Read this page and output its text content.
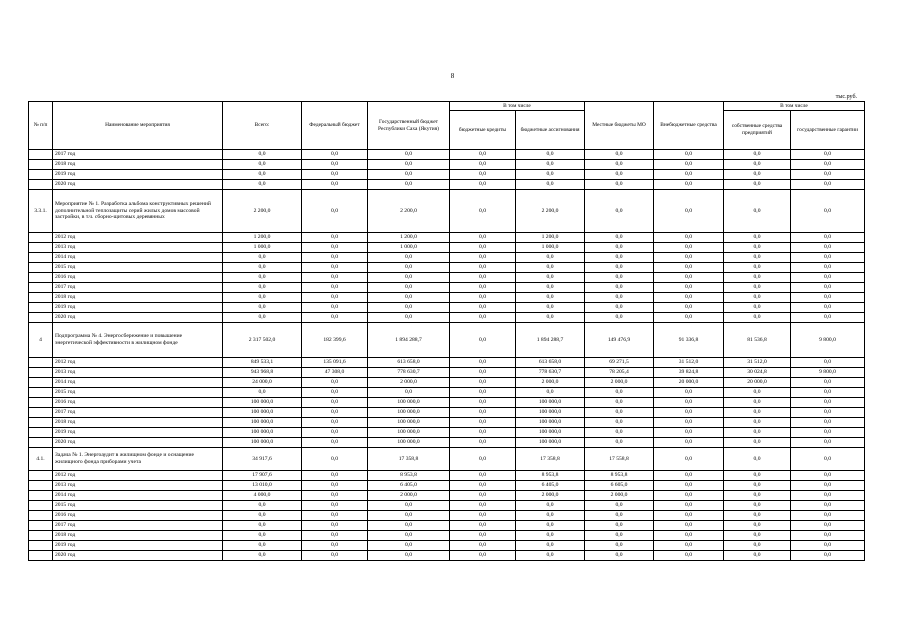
8
тыс.руб.
№ п/п	Наименование мероприятия	Всего:	Федеральный бюджет	Государственный бюджет Республики Саха (Якутия)	В том числе		Местные бюджеты МО	Внебюджетные средства	В том числе	
					бюджетные кредиты	бюджетные ассигнования			собственные средства предприятий	государственные гарантии
	2017 год	0,0	0,0	0,0	0,0	0,0	0,0	0,0	0,0	0,0
	2018 год	0,0	0,0	0,0	0,0	0,0	0,0	0,0	0,0	0,0
	2019 год	0,0	0,0	0,0	0,0	0,0	0,0	0,0	0,0	0,0
	2020 год	0,0	0,0	0,0	0,0	0,0	0,0	0,0	0,0	0,0
3.3.1.	Мероприятие № 1. Разработка альбома конструктивных решений дополнительной теплозащиты серий жилых домов массовой застройки, в т.ч. сборно-щитовых деревянных	2 200,0	0,0	2 200,0	0,0	2 200,0	0,0	0,0	0,0	0,0
	2012 год	1 200,0	0,0	1 200,0	0,0	1 200,0	0,0	0,0	0,0	0,0
	2013 год	1 000,0	0,0	1 000,0	0,0	1 000,0	0,0	0,0	0,0	0,0
	2014 год	0,0	0,0	0,0	0,0	0,0	0,0	0,0	0,0	0,0
	2015 год	0,0	0,0	0,0	0,0	0,0	0,0	0,0	0,0	0,0
	2016 год	0,0	0,0	0,0	0,0	0,0	0,0	0,0	0,0	0,0
	2017 год	0,0	0,0	0,0	0,0	0,0	0,0	0,0	0,0	0,0
	2018 год	0,0	0,0	0,0	0,0	0,0	0,0	0,0	0,0	0,0
	2019 год	0,0	0,0	0,0	0,0	0,0	0,0	0,0	0,0	0,0
	2020 год	0,0	0,0	0,0	0,0	0,0	0,0	0,0	0,0	0,0
4	Подпрограмма № 4. Энергосбережение и повышение энергетической эффективности в жилищном фонде	2 317 502,0	182 399,6	1 894 288,7	0,0	1 894 288,7	149 476,9	91 336,8	81 536,8	9 800,0
	2012 год	849 533,1	135 091,6	613 658,0	0,0	613 658,0	69 271,5	31 512,0	31 512,0	0,0
	2013 год	943 968,8	47 308,0	778 630,7	0,0	778 630,7	78 205,4	39 824,8	30 024,8	9 800,0
	2014 год	24 000,0	0,0	2 000,0	0,0	2 000,0	2 000,0	20 000,0	20 000,0	0,0
	2015 год	0,0	0,0	0,0	0,0	0,0	0,0	0,0	0,0	0,0
	2016 год	100 000,0	0,0	100 000,0	0,0	100 000,0	0,0	0,0	0,0	0,0
	2017 год	100 000,0	0,0	100 000,0	0,0	100 000,0	0,0	0,0	0,0	0,0
	2018 год	100 000,0	0,0	100 000,0	0,0	100 000,0	0,0	0,0	0,0	0,0
	2019 год	100 000,0	0,0	100 000,0	0,0	100 000,0	0,0	0,0	0,0	0,0
	2020 год	100 000,0	0,0	100 000,0	0,0	100 000,0	0,0	0,0	0,0	0,0
4.1.	Задача № 1. Энергоаудит в жилищном фонде и оснащение жилищного фонда приборами учета	34 917,6	0,0	17 358,8	0,0	17 358,8	17 558,8	0,0	0,0	0,0
	2012 год	17 907,6	0,0	8 953,8	0,0	8 953,8	8 953,8	0,0	0,0	0,0
	2013 год	13 010,0	0,0	6 405,0	0,0	6 405,0	6 605,0	0,0	0,0	0,0
	2014 год	4 000,0	0,0	2 000,0	0,0	2 000,0	2 000,0	0,0	0,0	0,0
	2015 год	0,0	0,0	0,0	0,0	0,0	0,0	0,0	0,0	0,0
	2016 год	0,0	0,0	0,0	0,0	0,0	0,0	0,0	0,0	0,0
	2017 год	0,0	0,0	0,0	0,0	0,0	0,0	0,0	0,0	0,0
	2018 год	0,0	0,0	0,0	0,0	0,0	0,0	0,0	0,0	0,0
	2019 год	0,0	0,0	0,0	0,0	0,0	0,0	0,0	0,0	0,0
	2020 год	0,0	0,0	0,0	0,0	0,0	0,0	0,0	0,0	0,0
